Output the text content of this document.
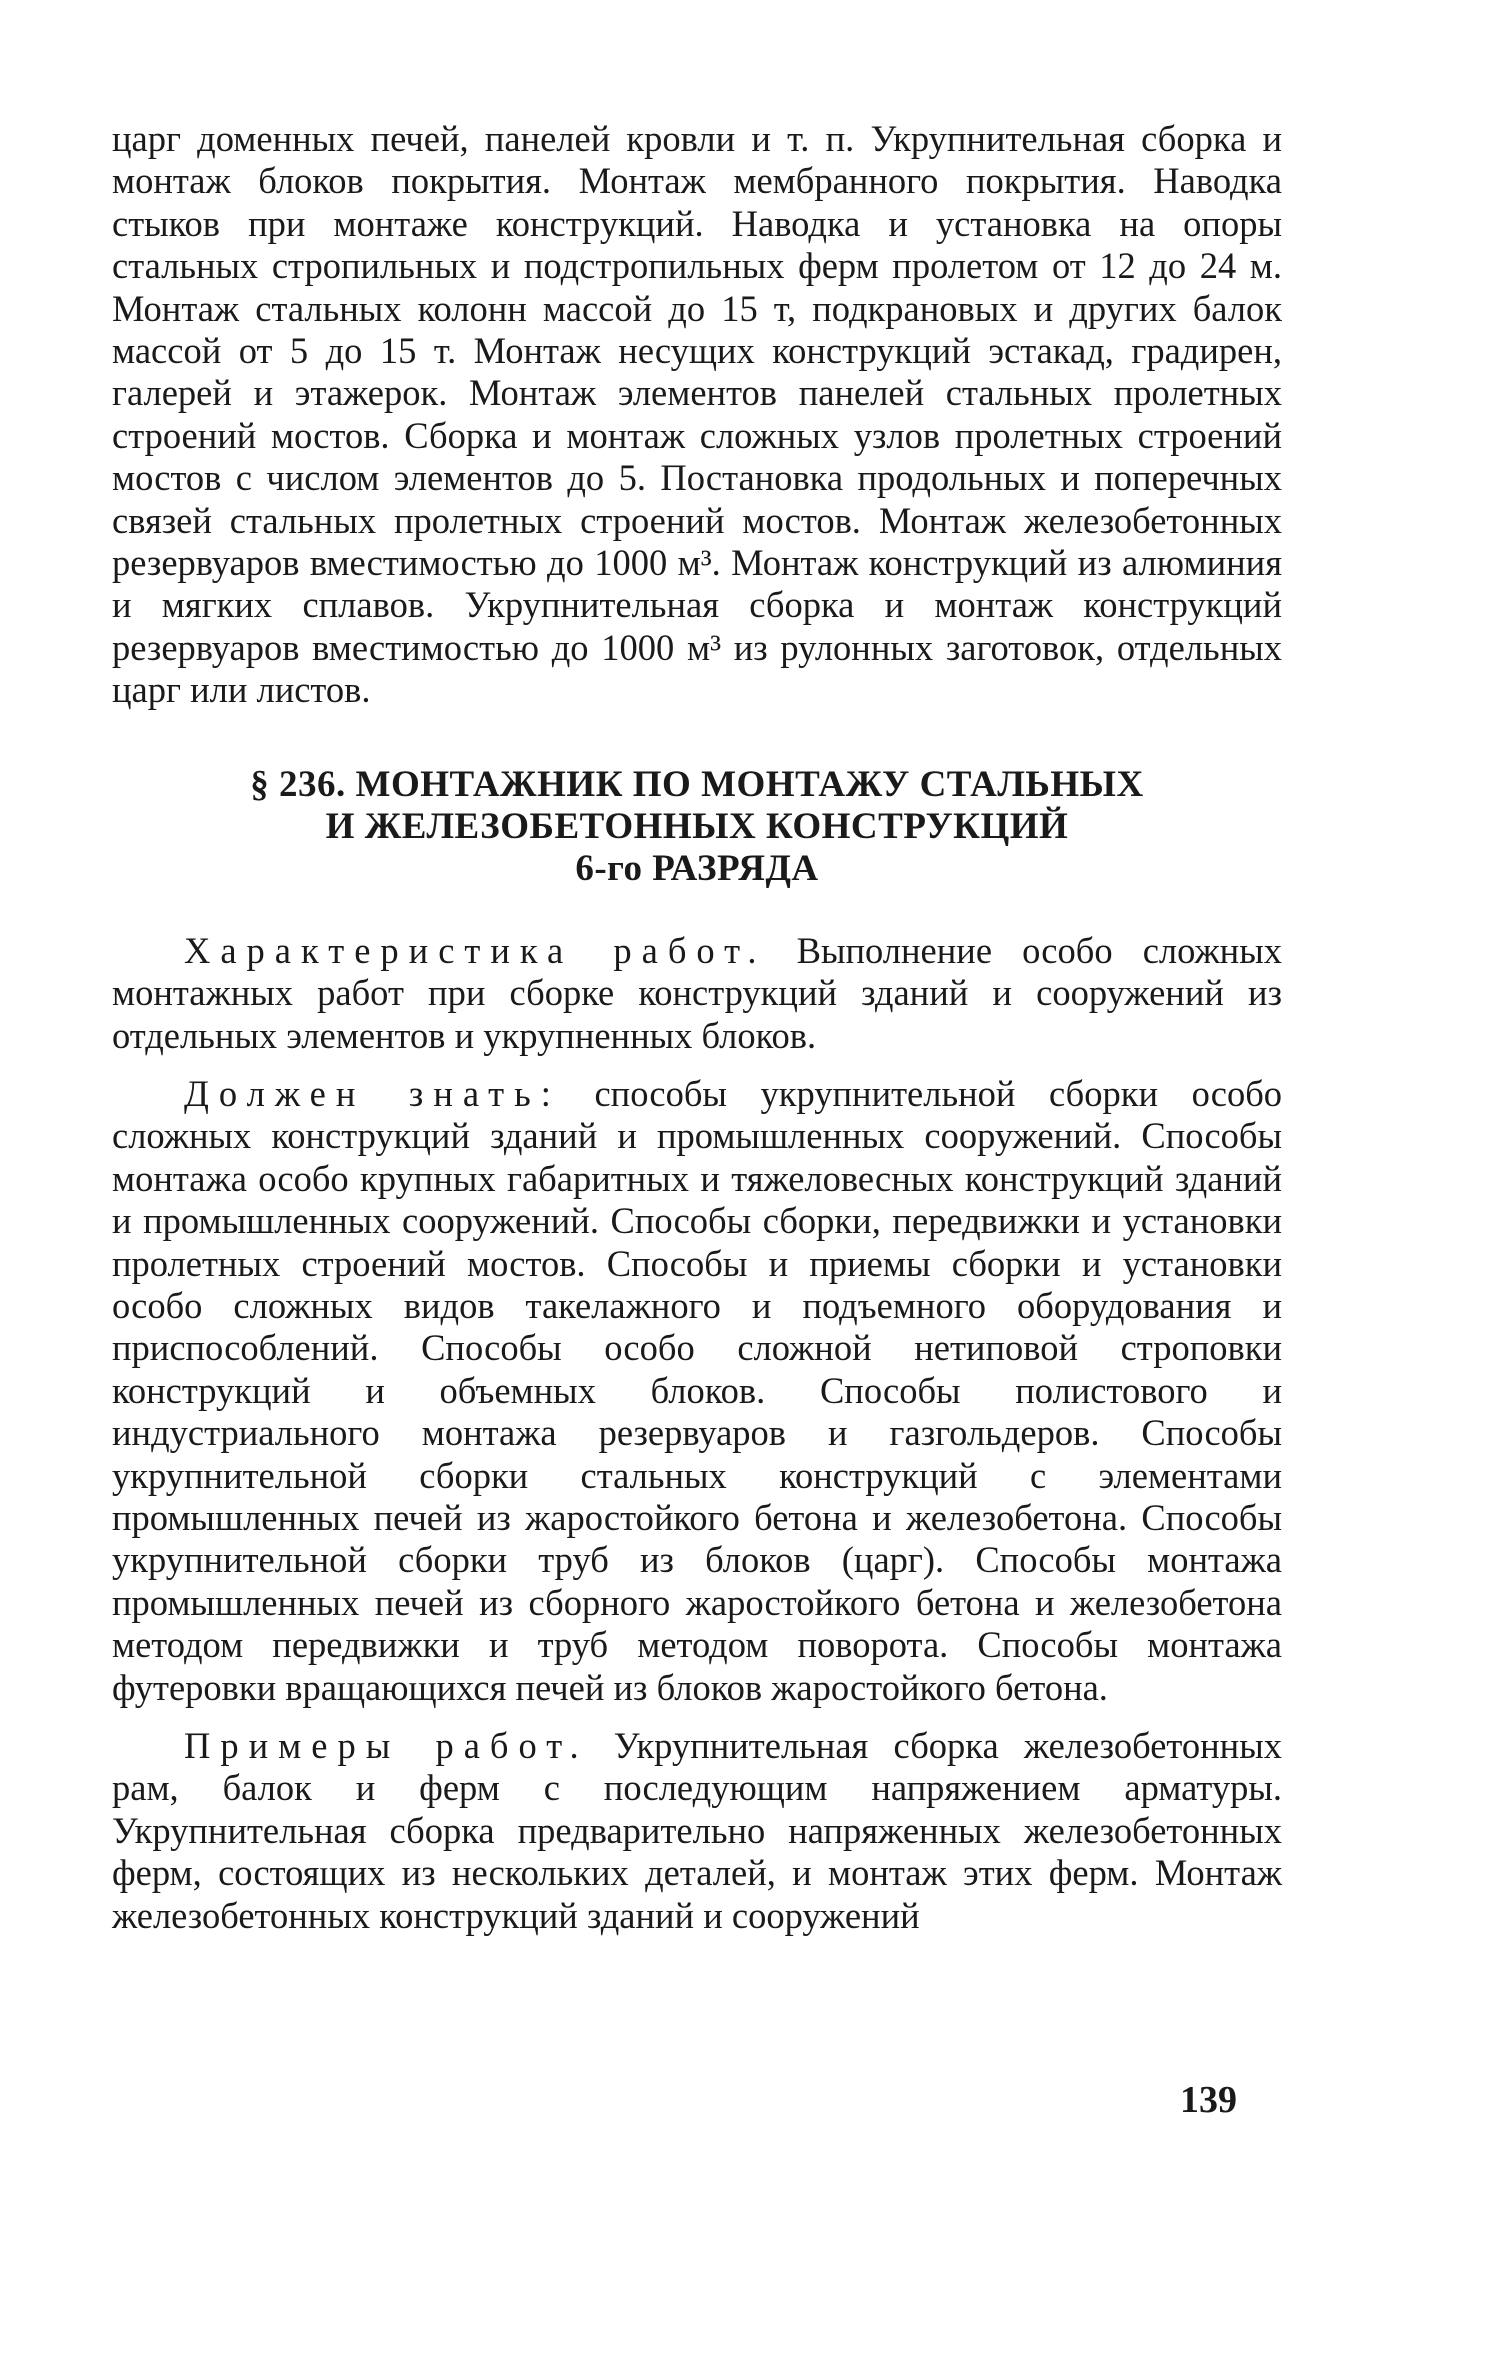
царг доменных печей, панелей кровли и т. п. Укрупнительная сборка и монтаж блоков покрытия. Монтаж мембранного покрытия. Наводка стыков при монтаже конструкций. Наводка и установка на опоры стальных стропильных и подстропильных ферм пролетом от 12 до 24 м. Монтаж стальных колонн массой до 15 т, подкрановых и других балок массой от 5 до 15 т. Монтаж несущих конструкций эстакад, градирен, галерей и этажерок. Монтаж элементов панелей стальных пролетных строений мостов. Сборка и монтаж сложных узлов пролетных строений мостов с числом элементов до 5. Постановка продольных и поперечных связей стальных пролетных строений мостов. Монтаж железобетонных резервуаров вместимостью до 1000 м³. Монтаж конструкций из алюминия и мягких сплавов. Укрупнительная сборка и монтаж конструкций резервуаров вместимостью до 1000 м³ из рулонных заготовок, отдельных царг или листов.

§ 236. МОНТАЖНИК ПО МОНТАЖУ СТАЛЬНЫХ
И ЖЕЛЕЗОБЕТОННЫХ КОНСТРУКЦИЙ
6-го РАЗРЯДА

Характеристика работ. Выполнение особо сложных монтажных работ при сборке конструкций зданий и сооружений из отдельных элементов и укрупненных блоков.

Должен знать: способы укрупнительной сборки особо сложных конструкций зданий и промышленных сооружений. Способы монтажа особо крупных габаритных и тяжеловесных конструкций зданий и промышленных сооружений. Способы сборки, передвижки и установки пролетных строений мостов. Способы и приемы сборки и установки особо сложных видов такелажного и подъемного оборудования и приспособлений. Способы особо сложной нетиповой строповки конструкций и объемных блоков. Способы полистового и индустриального монтажа резервуаров и газгольдеров. Способы укрупнительной сборки стальных конструкций с элементами промышленных печей из жаростойкого бетона и железобетона. Способы укрупнительной сборки труб из блоков (царг). Способы монтажа промышленных печей из сборного жаростойкого бетона и железобетона методом передвижки и труб методом поворота. Способы монтажа футеровки вращающихся печей из блоков жаростойкого бетона.

Примеры работ. Укрупнительная сборка железобетонных рам, балок и ферм с последующим напряжением арматуры. Укрупнительная сборка предварительно напряженных железобетонных ферм, состоящих из нескольких деталей, и монтаж этих ферм. Монтаж железобетонных конструкций зданий и сооружений

139
